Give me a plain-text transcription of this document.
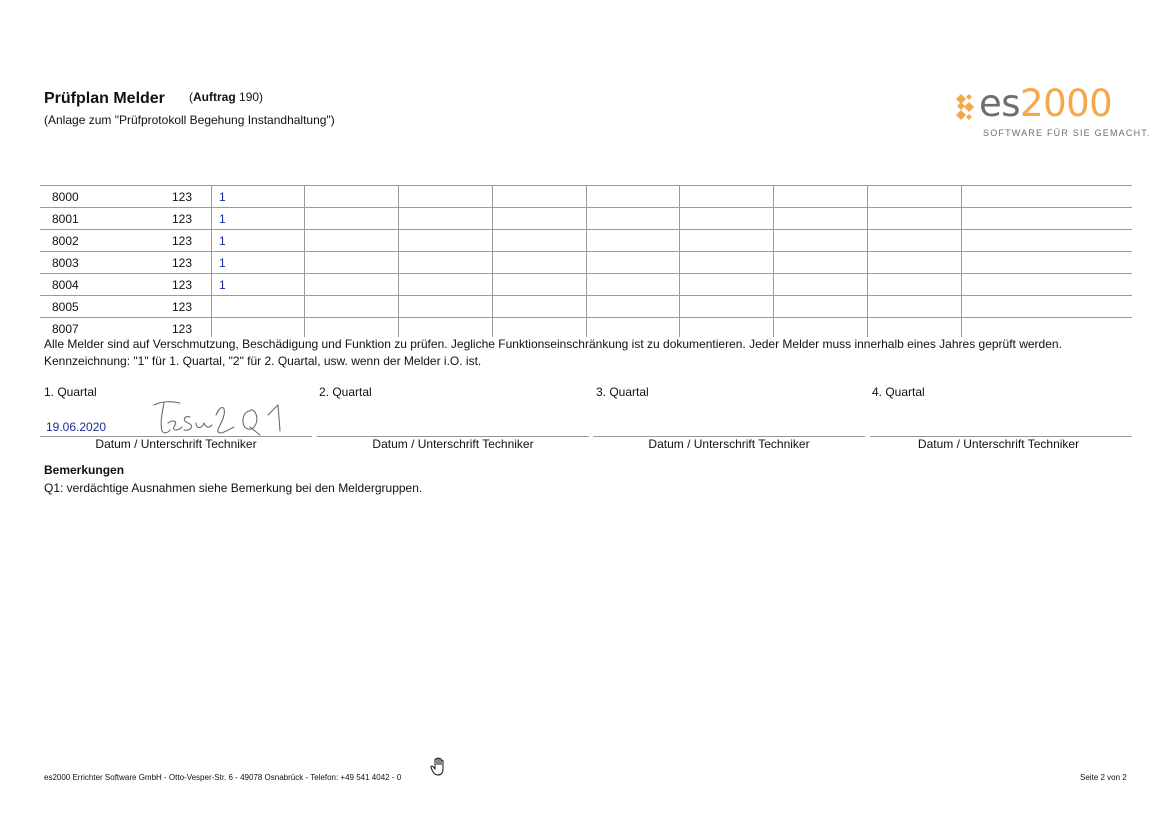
Prüfplan Melder (Auftrag 190)
(Anlage zum "Prüfprotokoll Begehung Instandhaltung")	es2000
SOFTWARE FÜR SIE GEMACHT.
8000	123 1
8001	123 1
8002	123 1
8003	123 1
8004	123 1
8005	123
8007	123

Alle Melder sind auf Verschmutzung, Beschädigung und Funktion zu prüfen. Jegliche Funktionseinschränkung ist zu dokumentieren. Jeder Melder muss innerhalb eines Jahres geprüft werden.

Kennzeichnung: "1" für 1. Quartal, "2" für 2. Quartal, usw. wenn der Melder i.O. ist.

1. Quartal	2. Quartal	3. Quartal	4. Quartal
19.06.2020
Datum / Unterschrift Techniker	Datum / Unterschrift Techniker	Datum / Unterschrift Techniker	Datum / Unterschrift Techniker
Bemerkungen
Q1: verdächtige Ausnahmen siehe Bemerkung bei den Meldergruppen.
es2000 Errichter Software GmbH - Otto-Vesper-Str. 6 - 49078 Osnabrück - Telefon: +49 541 4042 - 0	Seite 2 von 2
